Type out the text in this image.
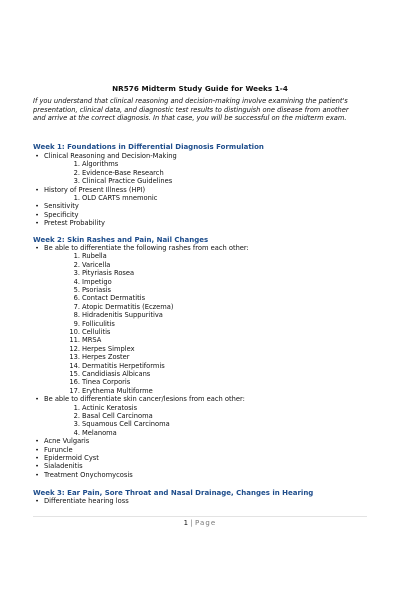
NR576 Midterm Study Guide for Weeks 1-4
If you understand that clinical reasoning and decision-making involve examining the patient's presentation, clinical data, and diagnostic test results to distinguish one disease from another and arrive at the correct diagnosis. In that case, you will be successful on the midterm exam.
Week 1: Foundations in Differential Diagnosis Formulation
• Clinical Reasoning and Decision-Making
1. Algorithms
2. Evidence-Base Research
3. Clinical Practice Guidelines
• History of Present Illness (HPI)
1. OLD CARTS mnemonic
• Sensitivity
• Specificity
• Pretest Probability
Week 2: Skin Rashes and Pain, Nail Changes
• Be able to differentiate the following rashes from each other:
1. Rubella
2. Varicella
3. Pityriasis Rosea
4. Impetigo
5. Psoriasis
6. Contact Dermatitis
7. Atopic Dermatitis (Eczema)
8. Hidradenitis Suppuritiva
9. Folliculitis
10. Cellulitis
11. MRSA
12. Herpes Simplex
13. Herpes Zoster
14. Dermatitis Herpetiformis
15. Candidiasis Albicans
16. Tinea Corporis
17. Erythema Multiforme
• Be able to differentiate skin cancer/lesions from each other:
1. Actinic Keratosis
2. Basal Cell Carcinoma
3. Squamous Cell Carcinoma
4. Melanoma
• Acne Vulgaris
• Furuncle
• Epidermoid Cyst
• Sialadenitis
• Treatment Onychomycosis
Week 3: Ear Pain, Sore Throat and Nasal Drainage, Changes in Hearing
• Differentiate hearing loss
1 | Page
